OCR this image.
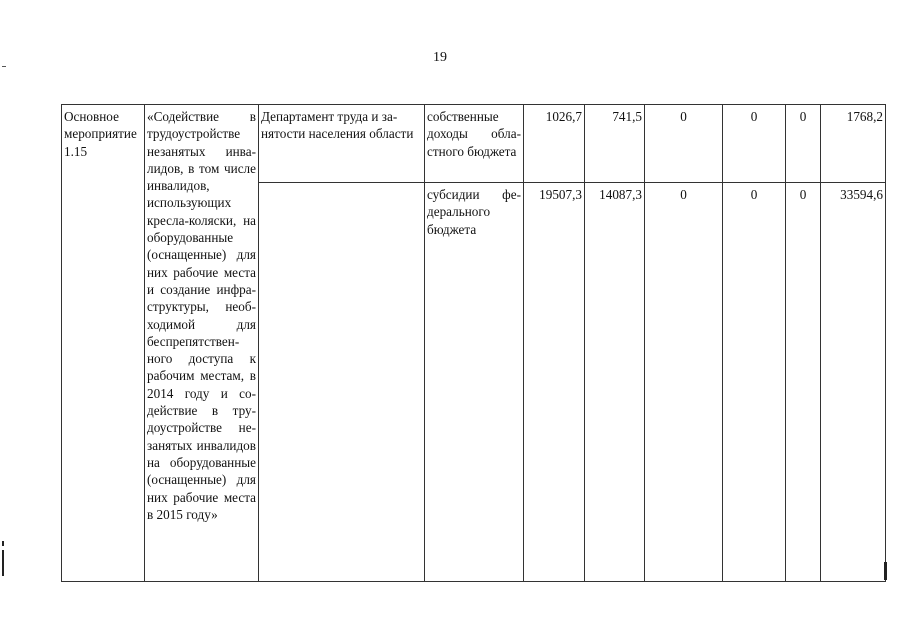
19
Основное мероприятие 1.15	«Содействие в трудоустройстве незанятых инвалидов, в том числе инвалидов, использующих кресла-коляски, на оборудованные (оснащенные) для них рабочие места и создание инфраструктуры, необходимой для беспрепятственного доступа к рабочим местам, в 2014 году и содействие в трудоустройстве незанятых инвалидов на оборудованные (оснащенные) для них рабочие места в 2015 году»	Департамент труда и занятости населения области	собственные доходы областного бюджета	1026,7	741,5	0	0	0	1768,2
			субсидии федерального бюджета	19507,3	14087,3	0	0	0	33594,6
